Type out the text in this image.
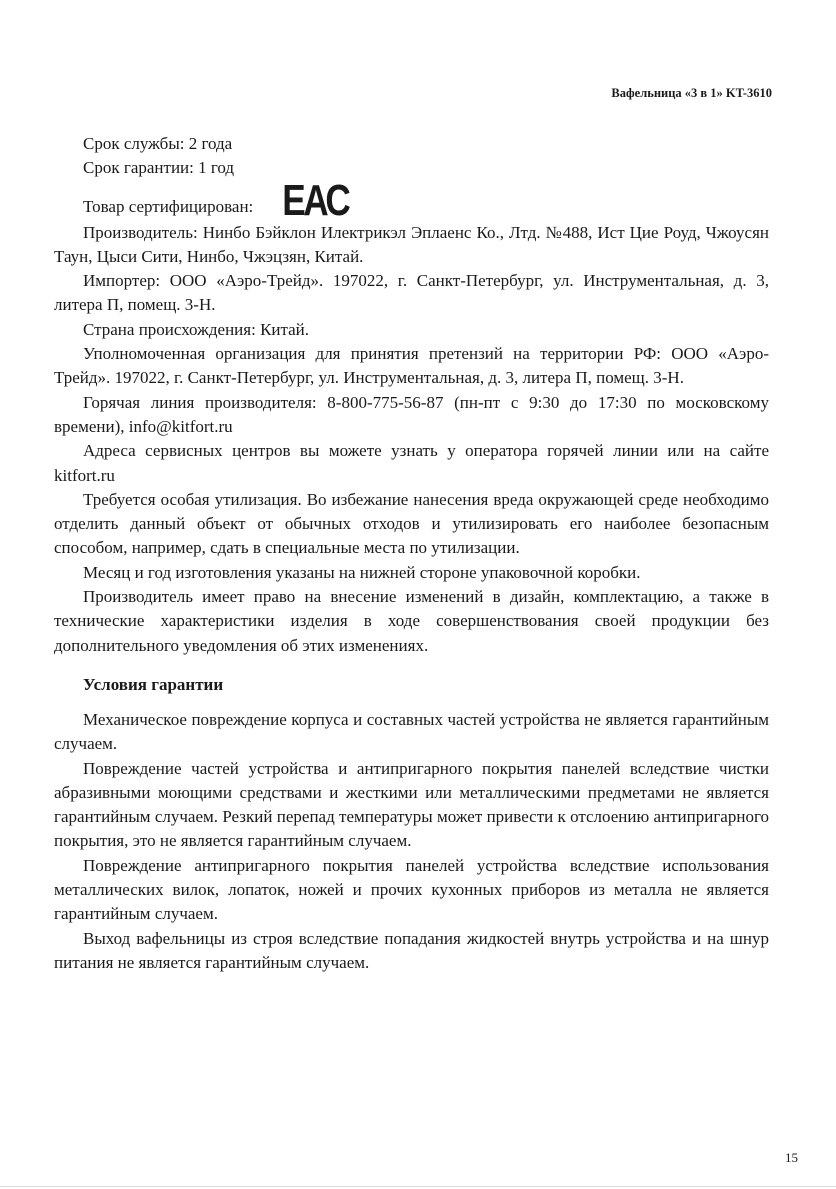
Вафельница «3 в 1» KT-3610

Срок службы: 2 года

Срок гарантии: 1 год

Товар сертифицирован: ЕАС

Производитель: Нинбо Бэйклон Илектрикэл Эплаенс Ко., Лтд. №488, Ист Цие Роуд, Чжоусян Таун, Цыси Сити, Нинбо, Чжэцзян, Китай.

Импортер: ООО «Аэро-Трейд». 197022, г. Санкт-Петербург, ул. Инструментальная, д. 3, литера П, помещ. 3-Н.

Страна происхождения: Китай.

Уполномоченная организация для принятия претензий на территории РФ: ООО «Аэро-Трейд». 197022, г. Санкт-Петербург, ул. Инструментальная, д. 3, литера П, помещ. 3-Н.

Горячая линия производителя: 8-800-775-56-87 (пн-пт с 9:30 до 17:30 по московскому времени), info@kitfort.ru

Адреса сервисных центров вы можете узнать у оператора горячей линии или на сайте kitfort.ru

Требуется особая утилизация. Во избежание нанесения вреда окружающей среде необходимо отделить данный объект от обычных отходов и утилизировать его наиболее безопасным способом, например, сдать в специальные места по утилизации.

Месяц и год изготовления указаны на нижней стороне упаковочной коробки.

Производитель имеет право на внесение изменений в дизайн, комплектацию, а также в технические характеристики изделия в ходе совершенствования своей продукции без дополнительного уведомления об этих изменениях.

Условия гарантии

Механическое повреждение корпуса и составных частей устройства не является гарантийным случаем.

Повреждение частей устройства и антипригарного покрытия панелей вследствие чистки абразивными моющими средствами и жесткими или металлическими предметами не является гарантийным случаем. Резкий перепад температуры может привести к отслоению антипригарного покрытия, это не является гарантийным случаем.

Повреждение антипригарного покрытия панелей устройства вследствие использования металлических вилок, лопаток, ножей и прочих кухонных приборов из металла не является гарантийным случаем.

Выход вафельницы из строя вследствие попадания жидкостей внутрь устройства и на шнур питания не является гарантийным случаем.

15
